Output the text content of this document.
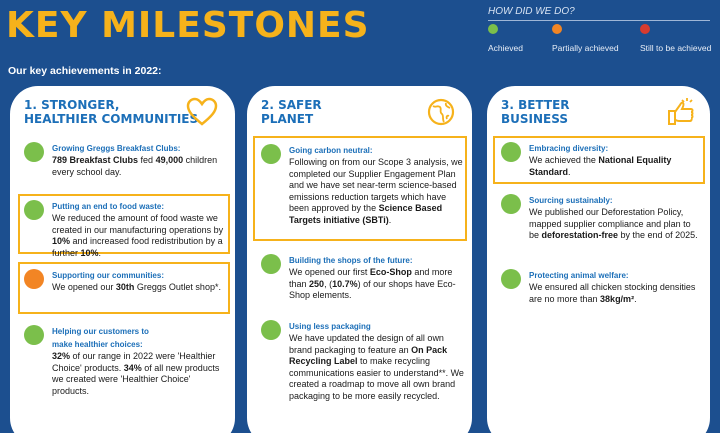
KEY MILESTONES	HOW DID WE DO?
Achieved	Partially achieved	Still to be achieved
Our key achievements in 2022:
1. STRONGER,
HEALTHIER COMMUNITIES
Growing Greggs Breakfast Clubs:
789 Breakfast Clubs fed 49,000 children every school day.
Putting an end to food waste:
We reduced the amount of food waste we created in our manufacturing operations by 10% and increased food redistribution by a further 10%.
Supporting our communities:
We opened our 30th Greggs Outlet shop*.
Helping our customers to
make healthier choices:
32% of our range in 2022 were 'Healthier Choice' products. 34% of all new products we created were 'Healthier Choice' products.
2. SAFER
PLANET
Going carbon neutral:
Following on from our Scope 3 analysis, we completed our Supplier Engagement Plan and we have set near-term science-based emissions reduction targets which have been approved by the Science Based Targets initiative (SBTi).
Building the shops of the future:
We opened our first Eco-Shop and more than 250, (10.7%) of our shops have Eco-Shop elements.
Using less packaging
We have updated the design of all own brand packaging to feature an On Pack Recycling Label to make recycling communications easier to understand**. We created a roadmap to move all own brand packaging to be more easily recycled.
3. BETTER
BUSINESS
Embracing diversity:
We achieved the National Equality Standard.
Sourcing sustainably:
We published our Deforestation Policy, mapped supplier compliance and plan to be deforestation-free by the end of 2025.
Protecting animal welfare:
We ensured all chicken stocking densities are no more than 38kg/m².
